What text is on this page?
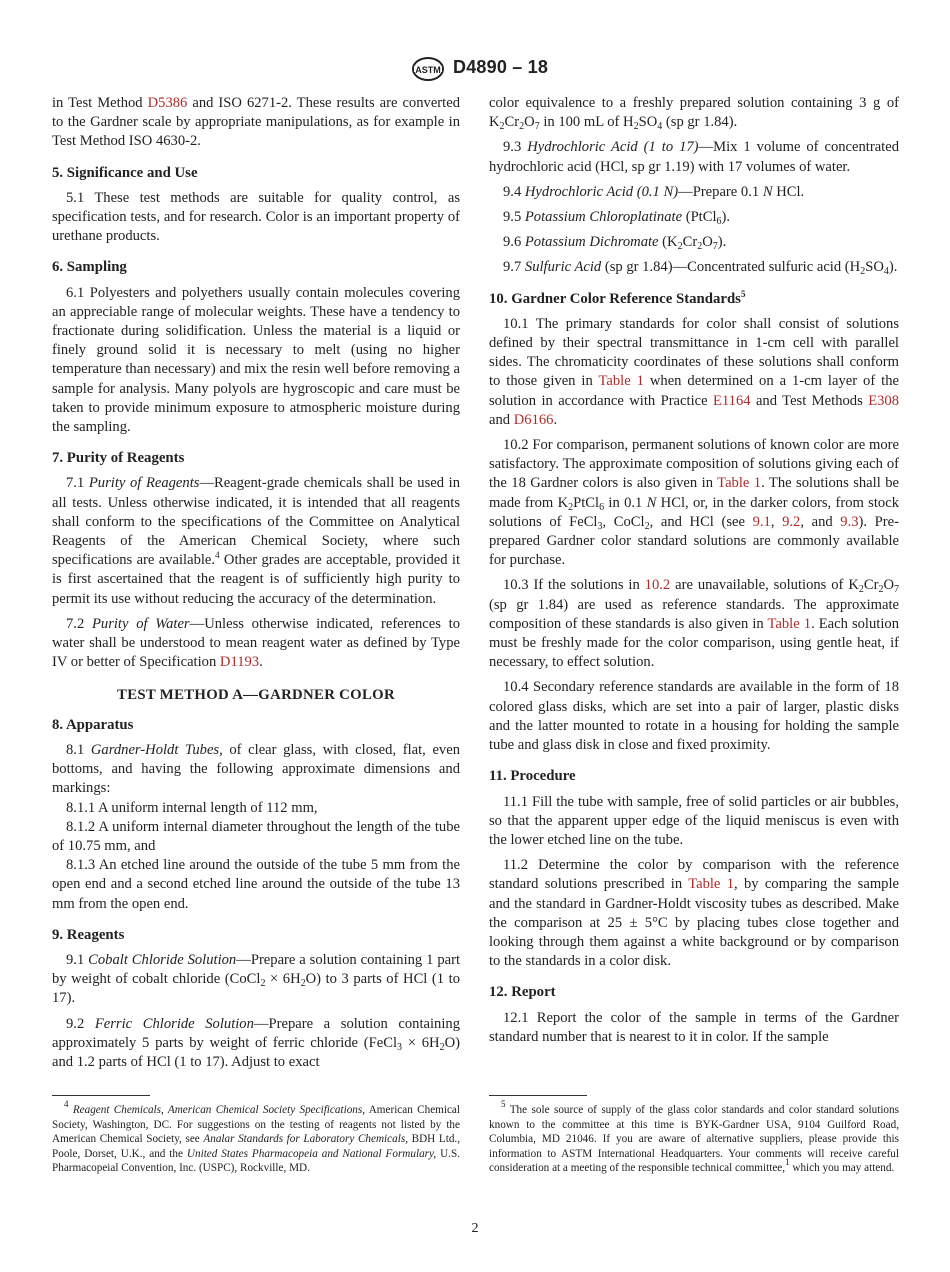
ASTM D4890 – 18

in Test Method D5386 and ISO 6271-2. These results are converted to the Gardner scale by appropriate manipulations, as for example in Test Method ISO 4630-2.

5. Significance and Use

5.1 These test methods are suitable for quality control, as specification tests, and for research. Color is an important property of urethane products.

6. Sampling

6.1 Polyesters and polyethers usually contain molecules covering an appreciable range of molecular weights. These have a tendency to fractionate during solidification. Unless the material is a liquid or finely ground solid it is necessary to melt (using no higher temperature than necessary) and mix the resin well before removing a sample for analysis. Many polyols are hygroscopic and care must be taken to provide minimum exposure to atmospheric moisture during the sampling.

7. Purity of Reagents

7.1 Purity of Reagents—Reagent-grade chemicals shall be used in all tests. Unless otherwise indicated, it is intended that all reagents shall conform to the specifications of the Committee on Analytical Reagents of the American Chemical Society, where such specifications are available.$^4$ Other grades are acceptable, provided it is first ascertained that the reagent is of sufficiently high purity to permit its use without reducing the accuracy of the determination.

7.2 Purity of Water—Unless otherwise indicated, references to water shall be understood to mean reagent water as defined by Type IV or better of Specification D1193.

TEST METHOD A—GARDNER COLOR
8. Apparatus

8.1 Gardner-Holdt Tubes, of clear glass, with closed, flat, even bottoms, and having the following approximate dimensions and markings:

8.1.1 A uniform internal length of 112 mm,

8.1.2 A uniform internal diameter throughout the length of the tube of 10.75 mm, and

8.1.3 An etched line around the outside of the tube 5 mm from the open end and a second etched line around the outside of the tube 13 mm from the open end.

9. Reagents

9.1 Cobalt Chloride Solution—Prepare a solution containing 1 part by weight of cobalt chloride (CoCl$_2$ × $6H_2O$) to 3 parts of HCl (1 to 17).

9.2 Ferric Chloride Solution—Prepare a solution containing approximately 5 parts by weight of ferric chloride (FeCl$_3$ × $6H_2O$) and 1.2 parts of HCl (1 to 17). Adjust to exact

color equivalence to a freshly prepared solution containing 3 g of $K_2Cr_2O_7$ in 100 mL of $H_2SO_4$ (sp gr 1.84).

9.3 Hydrochloric Acid (1 to 17)—Mix 1 volume of concentrated hydrochloric acid (HCl, sp gr 1.19) with 17 volumes of water.

9.4 Hydrochloric Acid (0.1 N)—Prepare 0.1 N HCl.

9.5 Potassium Chloroplatinate (PtCl$_6$).

9.6 Potassium Dichromate $(K_2Cr_2O_7)$.

9.7 Sulfuric Acid (sp gr 1.84)—Concentrated sulfuric acid $(H_2SO_4)$.

10. Gardner Color Reference Standards$^5$

10.1 The primary standards for color shall consist of solutions defined by their spectral transmittance in 1-cm cell with parallel sides. The chromaticity coordinates of these solutions shall conform to those given in Table 1 when determined on a 1-cm layer of the solution in accordance with Practice E1164 and Test Methods E308 and D6166.

10.2 For comparison, permanent solutions of known color are more satisfactory. The approximate composition of solutions giving each of the 18 Gardner colors is also given in Table 1. The solutions shall be made from $K_2PtCl_6$ in 0.1 N HCl, or, in the darker colors, from stock solutions of FeCl$_3$, CoCl$_2$, and HCl (see 9.1, 9.2, and 9.3). Pre-prepared Gardner color standard solutions are commonly available for purchase.

10.3 If the solutions in 10.2 are unavailable, solutions of $K_2Cr_2O_7$ (sp gr 1.84) are used as reference standards. The approximate composition of these standards is also given in Table 1. Each solution must be freshly made for the color comparison, using gentle heat, if necessary, to effect solution.

10.4 Secondary reference standards are available in the form of 18 colored glass disks, which are set into a pair of larger, plastic disks and the latter mounted to rotate in a housing for holding the sample tube and glass disk in close and fixed proximity.

11. Procedure

11.1 Fill the tube with sample, free of solid particles or air bubbles, so that the apparent upper edge of the liquid meniscus is even with the lower etched line on the tube.

11.2 Determine the color by comparison with the reference standard solutions prescribed in Table 1, by comparing the sample and the standard in Gardner-Holdt viscosity tubes as described. Make the comparison at 25 ± 5°C by placing tubes close together and looking through them against a white background or by comparison to the standards in a color disk.

12. Report

12.1 Report the color of the sample in terms of the Gardner standard number that is nearest to it in color. If the sample

$^4$ Reagent Chemicals, American Chemical Society Specifications, American Chemical Society, Washington, DC. For suggestions on the testing of reagents not listed by the American Chemical Society, see Analar Standards for Laboratory Chemicals, BDH Ltd., Poole, Dorset, U.K., and the United States Pharmacopeia and National Formulary, U.S. Pharmacopeial Convention, Inc. (USPC), Rockville, MD.

$^5$ The sole source of supply of the glass color standards and color standard solutions known to the committee at this time is BYK-Gardner USA, 9104 Guilford Road, Columbia, MD 21046. If you are aware of alternative suppliers, please provide this information to ASTM International Headquarters. Your comments will receive careful consideration at a meeting of the responsible technical committee,$^1$ which you may attend.

2
